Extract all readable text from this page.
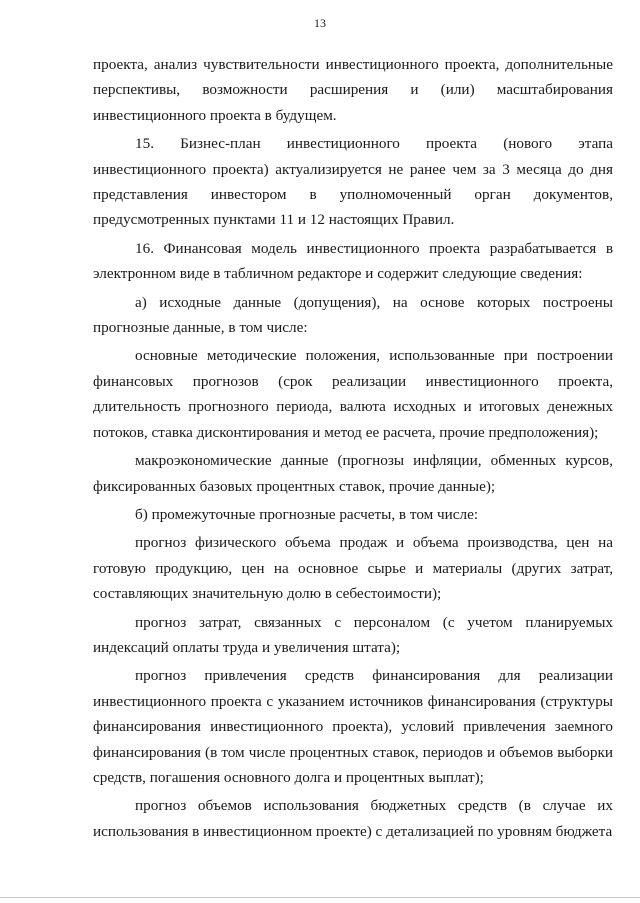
13

проекта, анализ чувствительности инвестиционного проекта, дополнительные перспективы, возможности расширения и (или) масштабирования инвестиционного проекта в будущем.

15. Бизнес-план инвестиционного проекта (нового этапа инвестиционного проекта) актуализируется не ранее чем за 3 месяца до дня представления инвестором в уполномоченный орган документов, предусмотренных пунктами 11 и 12 настоящих Правил.

16. Финансовая модель инвестиционного проекта разрабатывается в электронном виде в табличном редакторе и содержит следующие сведения:

а) исходные данные (допущения), на основе которых построены прогнозные данные, в том числе:

основные методические положения, использованные при построении финансовых прогнозов (срок реализации инвестиционного проекта, длительность прогнозного периода, валюта исходных и итоговых денежных потоков, ставка дисконтирования и метод ее расчета, прочие предположения);

макроэкономические данные (прогнозы инфляции, обменных курсов, фиксированных базовых процентных ставок, прочие данные);

б) промежуточные прогнозные расчеты, в том числе:

прогноз физического объема продаж и объема производства, цен на готовую продукцию, цен на основное сырье и материалы (других затрат, составляющих значительную долю в себестоимости);

прогноз затрат, связанных с персоналом (с учетом планируемых индексаций оплаты труда и увеличения штата);

прогноз привлечения средств финансирования для реализации инвестиционного проекта с указанием источников финансирования (структуры финансирования инвестиционного проекта), условий привлечения заемного финансирования (в том числе процентных ставок, периодов и объемов выборки средств, погашения основного долга и процентных выплат);

прогноз объемов использования бюджетных средств (в случае их использования в инвестиционном проекте) с детализацией по уровням бюджета
